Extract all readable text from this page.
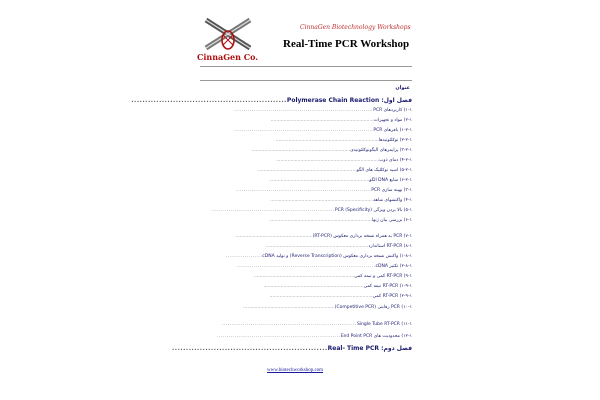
CinnaGen Co.
CinnaGen Biotechnology Workshops
Real-Time PCR Workshop
عنوان
فصل اول: Polymerase Chain Reaction........................................................
۱-۱) کاربردهای PCR........................................................................
۲-۱) مواد و تجهیزات........................................................................
۱-۲-۱) بافرهای PCR........................................................................
۲-۲-۱) نوکلئوتیدها........................................................................
۳-۲-۱) پرایمرهای الیگونوکلئوتیدی.....................................................................
۴-۲-۱) دمای ذوب........................................................................
۵-۲-۱) اسید نوکلئیک های الگو.....................................................................
۶-۲-۱) منابع DNA الگو......................................................................
۳-۱) بهینه سازی PCR......................................................................
۴-۱) واکنشهای شاهد........................................................................
۵-۱) بالا بردن ویژگی PCR (Specificity)................................................................
۶-۱) بررسی بیان ژنها........................................................................
۷-۱) PCR به همراه نسخه برداری معکوس (RT-PCR)......................................................
۸-۱) RT-PCR استاندارد........................................................................
۱-۸-۱) واکنش نسخه برداری معکوس (Reverse Transcription) و تولید cDNA...................
۲-۸-۱) تکثیر cDNA........................................................................
۹-۱) RT-PCR کمی و نیمه کمی......................................................................
۱-۹-۱) RT-PCR نیمه کمی......................................................................
۲-۹-۱) RT-PCR کمی........................................................................
۱۰-۱) PCR رقابتی (Competitive PCR)................................................................
۱۱-۱) Single Tube RT-PCR......................................................................
۱۲-۱) محدودیت های End Point PCR................................................................
فصل دوم: Real- Time PCR........................................................
www.biotechworkshop.com
